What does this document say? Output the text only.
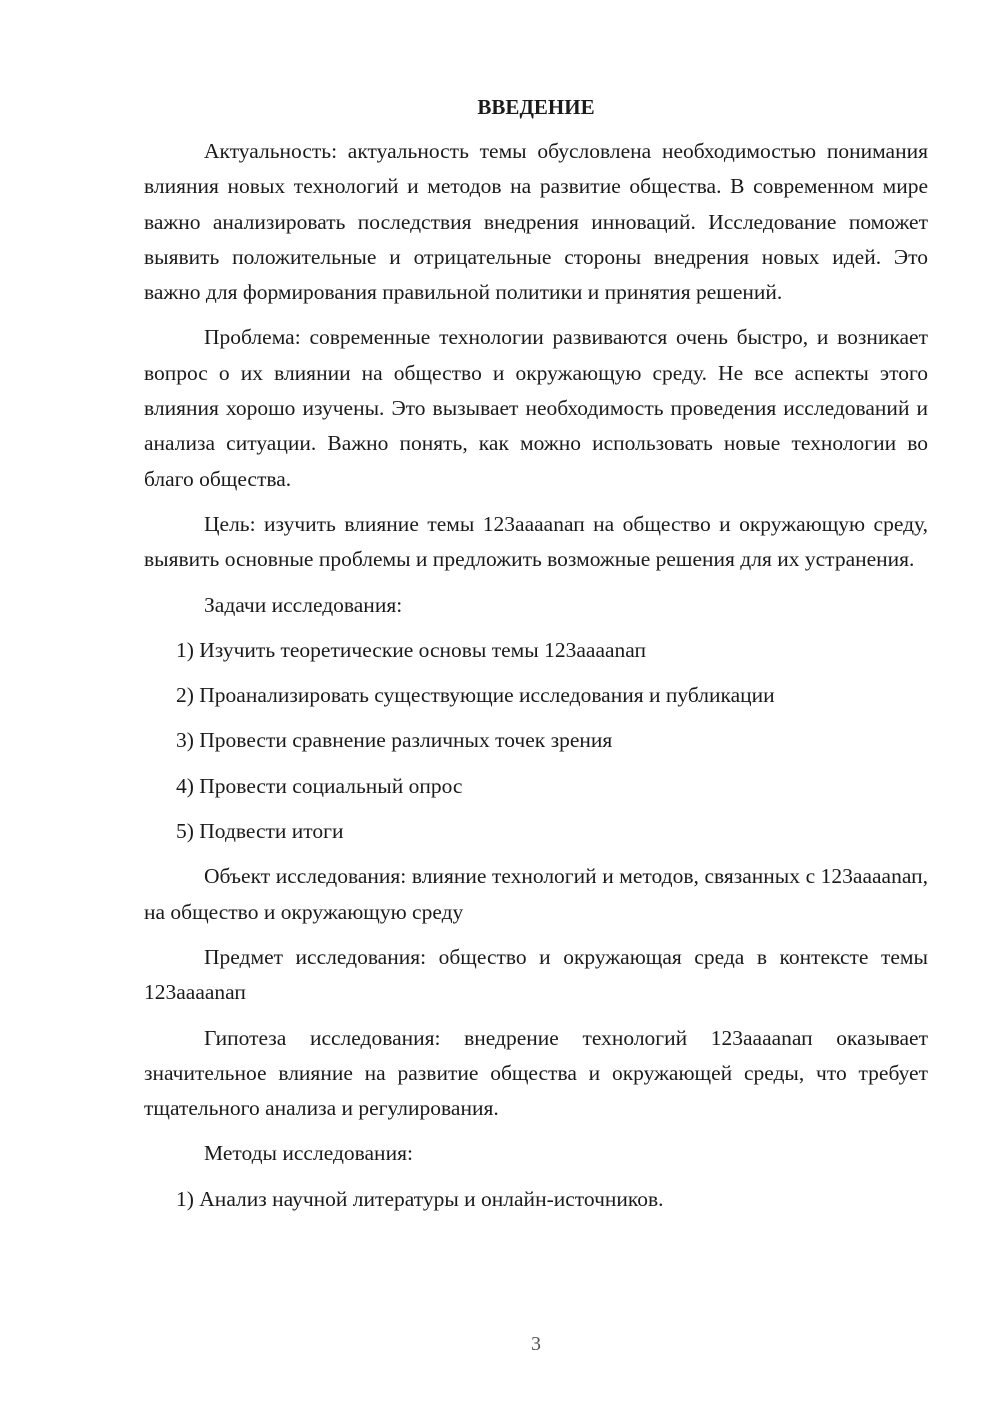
ВВЕДЕНИЕ

Актуальность: актуальность темы обусловлена необходимостью понимания влияния новых технологий и методов на развитие общества. В современном мире важно анализировать последствия внедрения инноваций. Исследование поможет выявить положительные и отрицательные стороны внедрения новых идей. Это важно для формирования правильной политики и принятия решений.

Проблема: современные технологии развиваются очень быстро, и возникает вопрос о их влиянии на общество и окружающую среду. Не все аспекты этого влияния хорошо изучены. Это вызывает необходимость проведения исследований и анализа ситуации. Важно понять, как можно использовать новые технологии во благо общества.

Цель: изучить влияние темы 123ааааnап на общество и окружающую среду, выявить основные проблемы и предложить возможные решения для их устранения.

Задачи исследования:

1) Изучить теоретические основы темы 123ааааnап

2) Проанализировать существующие исследования и публикации

3) Провести сравнение различных точек зрения

4) Провести социальный опрос

5) Подвести итоги

Объект исследования: влияние технологий и методов, связанных с 123ааааnап, на общество и окружающую среду

Предмет исследования: общество и окружающая среда в контексте темы 123ааааnап

Гипотеза исследования: внедрение технологий 123ааааnап оказывает значительное влияние на развитие общества и окружающей среды, что требует тщательного анализа и регулирования.

Методы исследования:

1) Анализ научной литературы и онлайн-источников.

3
